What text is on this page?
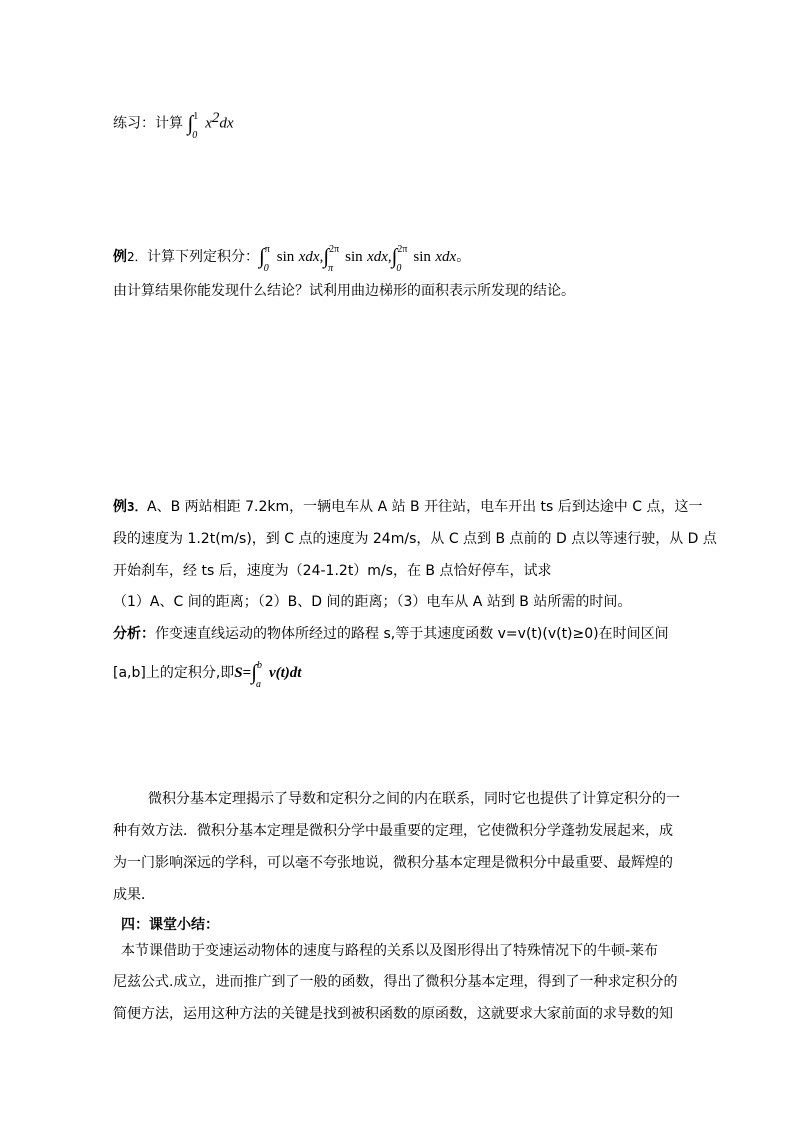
练习：计算 ∫ 1
0
$x^2dx$
例2．计算下列定积分：∫ π
0
sin xdx,∫ 2π
π
sin xdx,∫ 2π
0
sin xdx。
由计算结果你能发现什么结论？试利用曲边梯形的面积表示所发现的结论。
例3．A、B 两站相距 7.2km，一辆电车从 A 站 B 开往站，电车开出 ts 后到达途中 C 点，这一
段的速度为 1.2t(m/s)，到 C 点的速度为 24m/s，从 C 点到 B 点前的 D 点以等速行驶，从 D 点
开始刹车，经 ts 后，速度为（24-1.2t）m/s，在 B 点恰好停车，试求
（1）A、C 间的距离；（2）B、D 间的距离；（3）电车从 A 站到 B 站所需的时间。
分析：作变速直线运动的物体所经过的路程 s,等于其速度函数 v=v(t)(v(t)≥0)在时间区间
[a,b]上的定积分,即S=∫ b
a
v(t)dt
微积分基本定理揭示了导数和定积分之间的内在联系，同时它也提供了计算定积分的一
种有效方法．微积分基本定理是微积分学中最重要的定理，它使微积分学蓬勃发展起来，成
为一门影响深远的学科，可以毫不夸张地说，微积分基本定理是微积分中最重要、最辉煌的
成果．
四：课堂小结：
本节课借助于变速运动物体的速度与路程的关系以及图形得出了特殊情况下的牛顿-莱布
尼兹公式.成立，进而推广到了一般的函数，得出了微积分基本定理，得到了一种求定积分的
简便方法，运用这种方法的关键是找到被积函数的原函数，这就要求大家前面的求导数的知
